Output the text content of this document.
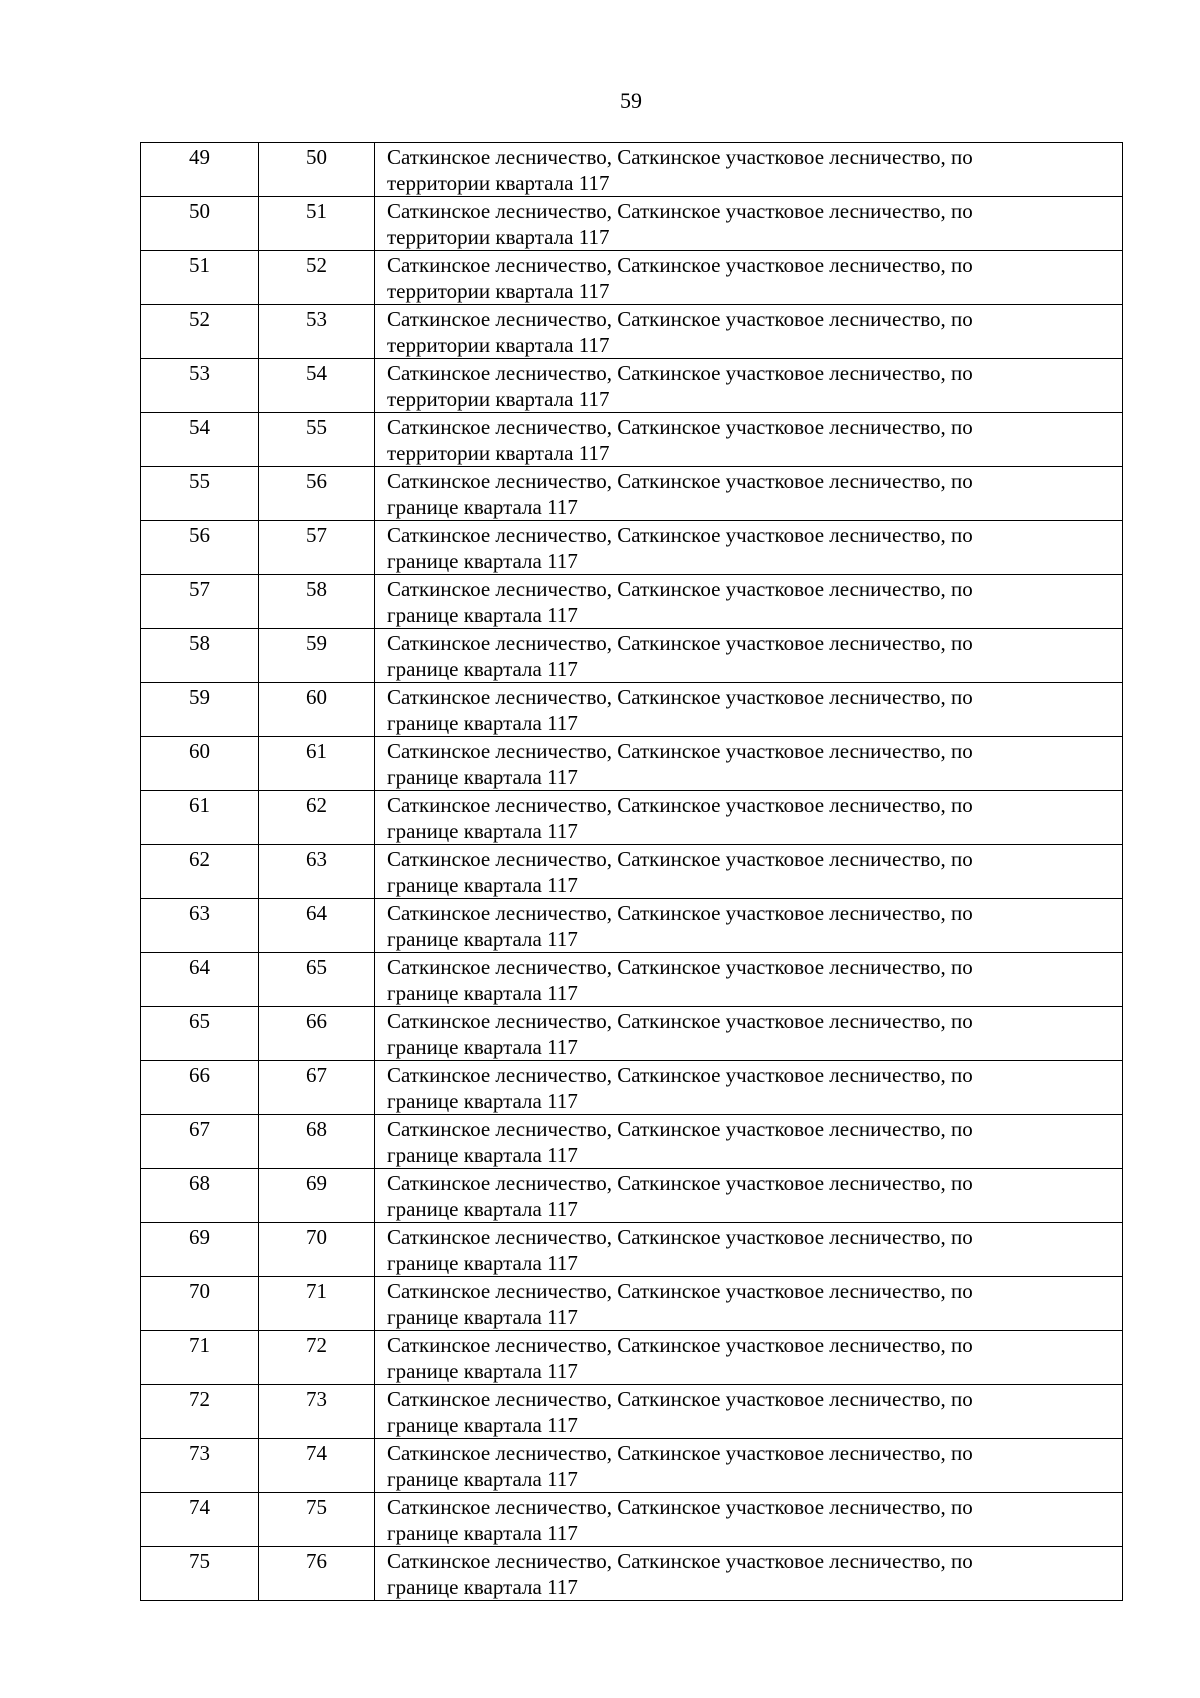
59
49	50	Саткинское лесничество, Саткинское участковое лесничество, по
территории квартала 117
50	51	Саткинское лесничество, Саткинское участковое лесничество, по
территории квартала 117
51	52	Саткинское лесничество, Саткинское участковое лесничество, по
территории квартала 117
52	53	Саткинское лесничество, Саткинское участковое лесничество, по
территории квартала 117
53	54	Саткинское лесничество, Саткинское участковое лесничество, по
территории квартала 117
54	55	Саткинское лесничество, Саткинское участковое лесничество, по
территории квартала 117
55	56	Саткинское лесничество, Саткинское участковое лесничество, по
границе квартала 117
56	57	Саткинское лесничество, Саткинское участковое лесничество, по
границе квартала 117
57	58	Саткинское лесничество, Саткинское участковое лесничество, по
границе квартала 117
58	59	Саткинское лесничество, Саткинское участковое лесничество, по
границе квартала 117
59	60	Саткинское лесничество, Саткинское участковое лесничество, по
границе квартала 117
60	61	Саткинское лесничество, Саткинское участковое лесничество, по
границе квартала 117
61	62	Саткинское лесничество, Саткинское участковое лесничество, по
границе квартала 117
62	63	Саткинское лесничество, Саткинское участковое лесничество, по
границе квартала 117
63	64	Саткинское лесничество, Саткинское участковое лесничество, по
границе квартала 117
64	65	Саткинское лесничество, Саткинское участковое лесничество, по
границе квартала 117
65	66	Саткинское лесничество, Саткинское участковое лесничество, по
границе квартала 117
66	67	Саткинское лесничество, Саткинское участковое лесничество, по
границе квартала 117
67	68	Саткинское лесничество, Саткинское участковое лесничество, по
границе квартала 117
68	69	Саткинское лесничество, Саткинское участковое лесничество, по
границе квартала 117
69	70	Саткинское лесничество, Саткинское участковое лесничество, по
границе квартала 117
70	71	Саткинское лесничество, Саткинское участковое лесничество, по
границе квартала 117
71	72	Саткинское лесничество, Саткинское участковое лесничество, по
границе квартала 117
72	73	Саткинское лесничество, Саткинское участковое лесничество, по
границе квартала 117
73	74	Саткинское лесничество, Саткинское участковое лесничество, по
границе квартала 117
74	75	Саткинское лесничество, Саткинское участковое лесничество, по
границе квартала 117
75	76	Саткинское лесничество, Саткинское участковое лесничество, по
границе квартала 117
